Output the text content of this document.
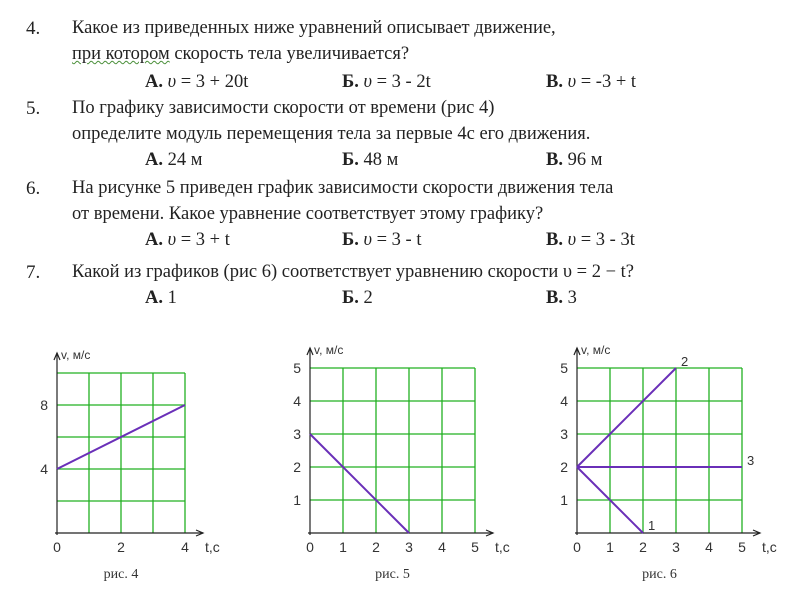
4. Какое из приведенных ниже уравнений описывает движение,
при котором скорость тела увеличивается?
А. υ = 3 + 20t	Б. υ = 3 - 2t	В. υ = -3 + t
5. По графику зависимости скорости от времени (рис 4)
определите модуль перемещения тела за первые 4с его движения.
А. 24 м	Б. 48 м	В. 96 м
6. На рисунке 5 приведен график зависимости скорости движения тела
от времени. Какое уравнение соответствует этому графику?
А. υ = 3 + t	Б. υ = 3 - t	В. υ = 3 - 3t
7. Какой из графиков (рис 6) соответствует уравнению скорости υ = 2 − t?
А. 1	Б. 2	В. 3
v, м/с
t,c
0	2	4
4
8
рис. 4
v, м/с
t,c
0 1 2 3 4 5
1
2
3
4
5
рис. 5
v, м/с
t,c
0 1 2 3 4 5
1
2
3
4
5
1
2
3
рис. 6
